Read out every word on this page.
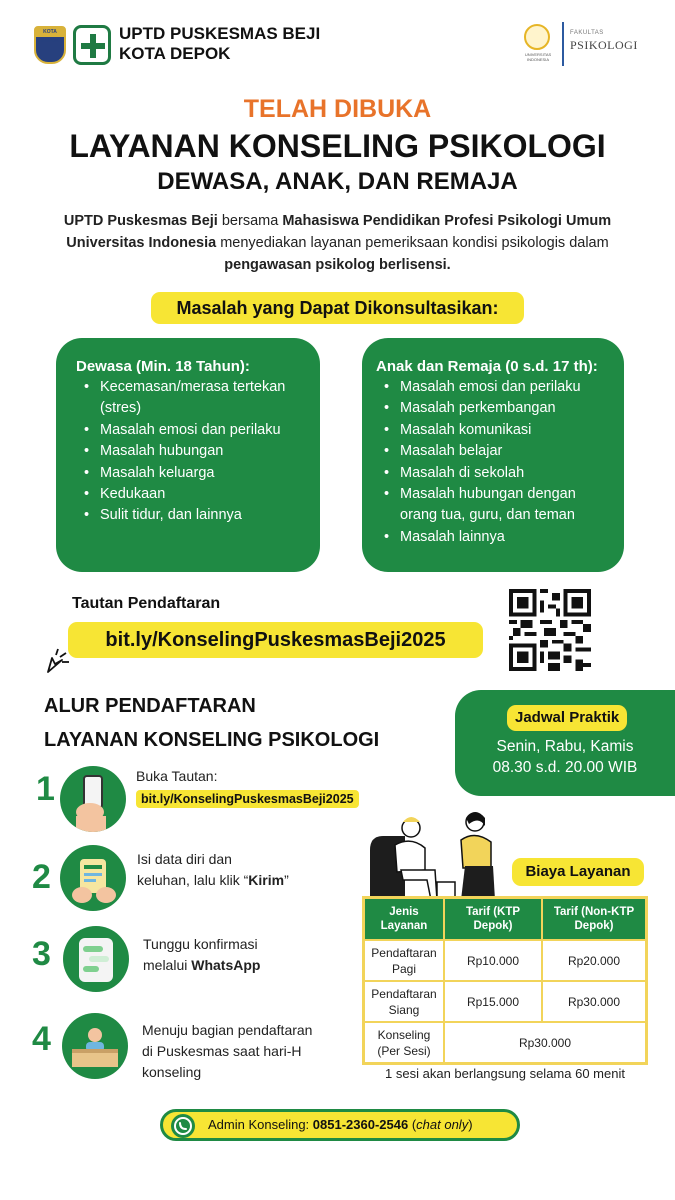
KOTA DEPOK	UPTD PUSKESMAS BEJI
KOTA DEPOK	UNIVERSITAS INDONESIA
FAKULTAS
PSIKOLOGI
TELAH DIBUKA
LAYANAN KONSELING PSIKOLOGI
DEWASA, ANAK, DAN REMAJA
UPTD Puskesmas Beji bersama Mahasiswa Pendidikan Profesi Psikologi Umum Universitas Indonesia menyediakan layanan pemeriksaan kondisi psikologis dalam pengawasan psikolog berlisensi.
Masalah yang Dapat Dikonsultasikan:
Dewasa (Min. 18 Tahun):
• Kecemasan/merasa tertekan (stres)
• Masalah emosi dan perilaku
• Masalah hubungan
• Masalah keluarga
• Kedukaan
• Sulit tidur, dan lainnya
Anak dan Remaja (0 s.d. 17 th):
• Masalah emosi dan perilaku
• Masalah perkembangan
• Masalah komunikasi
• Masalah belajar
• Masalah di sekolah
• Masalah hubungan dengan orang tua, guru, dan teman
• Masalah lainnya
Tautan Pendaftaran
bit.ly/KonselingPuskesmasBeji2025
ALUR PENDAFTARAN
LAYANAN KONSELING PSIKOLOGI
Jadwal Praktik
Senin, Rabu, Kamis
08.30 s.d. 20.00 WIB
1	Buka Tautan:
bit.ly/KonselingPuskesmasBeji2025
2	Isi data diri dan
keluhan, lalu klik “Kirim”
3	Tunggu konfirmasi
melalui WhatsApp
4	Menuju bagian pendaftaran
di Puskesmas saat hari-H
konseling
Biaya Layanan
Jenis Layanan	Tarif (KTP Depok)	Tarif (Non-KTP Depok)
Pendaftaran Pagi	Rp10.000	Rp20.000
Pendaftaran Siang	Rp15.000	Rp30.000
Konseling (Per Sesi)	Rp30.000	
1 sesi akan berlangsung selama 60 menit
Admin Konseling: 0851-2360-2546 (chat only)
